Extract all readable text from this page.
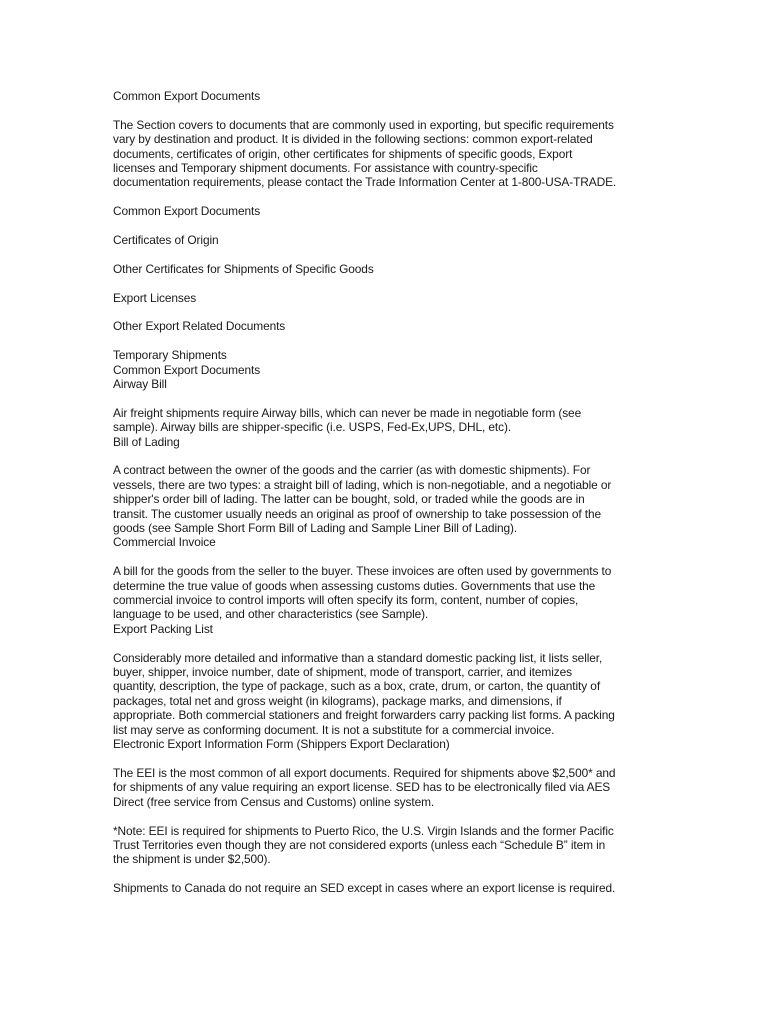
Common Export Documents

The Section covers to documents that are commonly used in exporting, but specific requirements
vary by destination and product. It is divided in the following sections: common export-related
documents, certificates of origin, other certificates for shipments of specific goods, Export
licenses and Temporary shipment documents. For assistance with country-specific
documentation requirements, please contact the Trade Information Center at 1-800-USA-TRADE.

Common Export Documents

Certificates of Origin

Other Certificates for Shipments of Specific Goods

Export Licenses

Other Export Related Documents

Temporary Shipments
Common Export Documents
Airway Bill

Air freight shipments require Airway bills, which can never be made in negotiable form (see
sample). Airway bills are shipper-specific (i.e. USPS, Fed-Ex,UPS, DHL, etc).
Bill of Lading

A contract between the owner of the goods and the carrier (as with domestic shipments). For
vessels, there are two types: a straight bill of lading, which is non-negotiable, and a negotiable or
shipper's order bill of lading. The latter can be bought, sold, or traded while the goods are in
transit. The customer usually needs an original as proof of ownership to take possession of the
goods (see Sample Short Form Bill of Lading and Sample Liner Bill of Lading).
Commercial Invoice

A bill for the goods from the seller to the buyer. These invoices are often used by governments to
determine the true value of goods when assessing customs duties. Governments that use the
commercial invoice to control imports will often specify its form, content, number of copies,
language to be used, and other characteristics (see Sample).
Export Packing List

Considerably more detailed and informative than a standard domestic packing list, it lists seller,
buyer, shipper, invoice number, date of shipment, mode of transport, carrier, and itemizes
quantity, description, the type of package, such as a box, crate, drum, or carton, the quantity of
packages, total net and gross weight (in kilograms), package marks, and dimensions, if
appropriate. Both commercial stationers and freight forwarders carry packing list forms. A packing
list may serve as conforming document. It is not a substitute for a commercial invoice.
Electronic Export Information Form (Shippers Export Declaration)

The EEI is the most common of all export documents. Required for shipments above $2,500* and
for shipments of any value requiring an export license. SED has to be electronically filed via AES
Direct (free service from Census and Customs) online system.

*Note: EEI is required for shipments to Puerto Rico, the U.S. Virgin Islands and the former Pacific
Trust Territories even though they are not considered exports (unless each “Schedule B” item in
the shipment is under $2,500).

Shipments to Canada do not require an SED except in cases where an export license is required.
